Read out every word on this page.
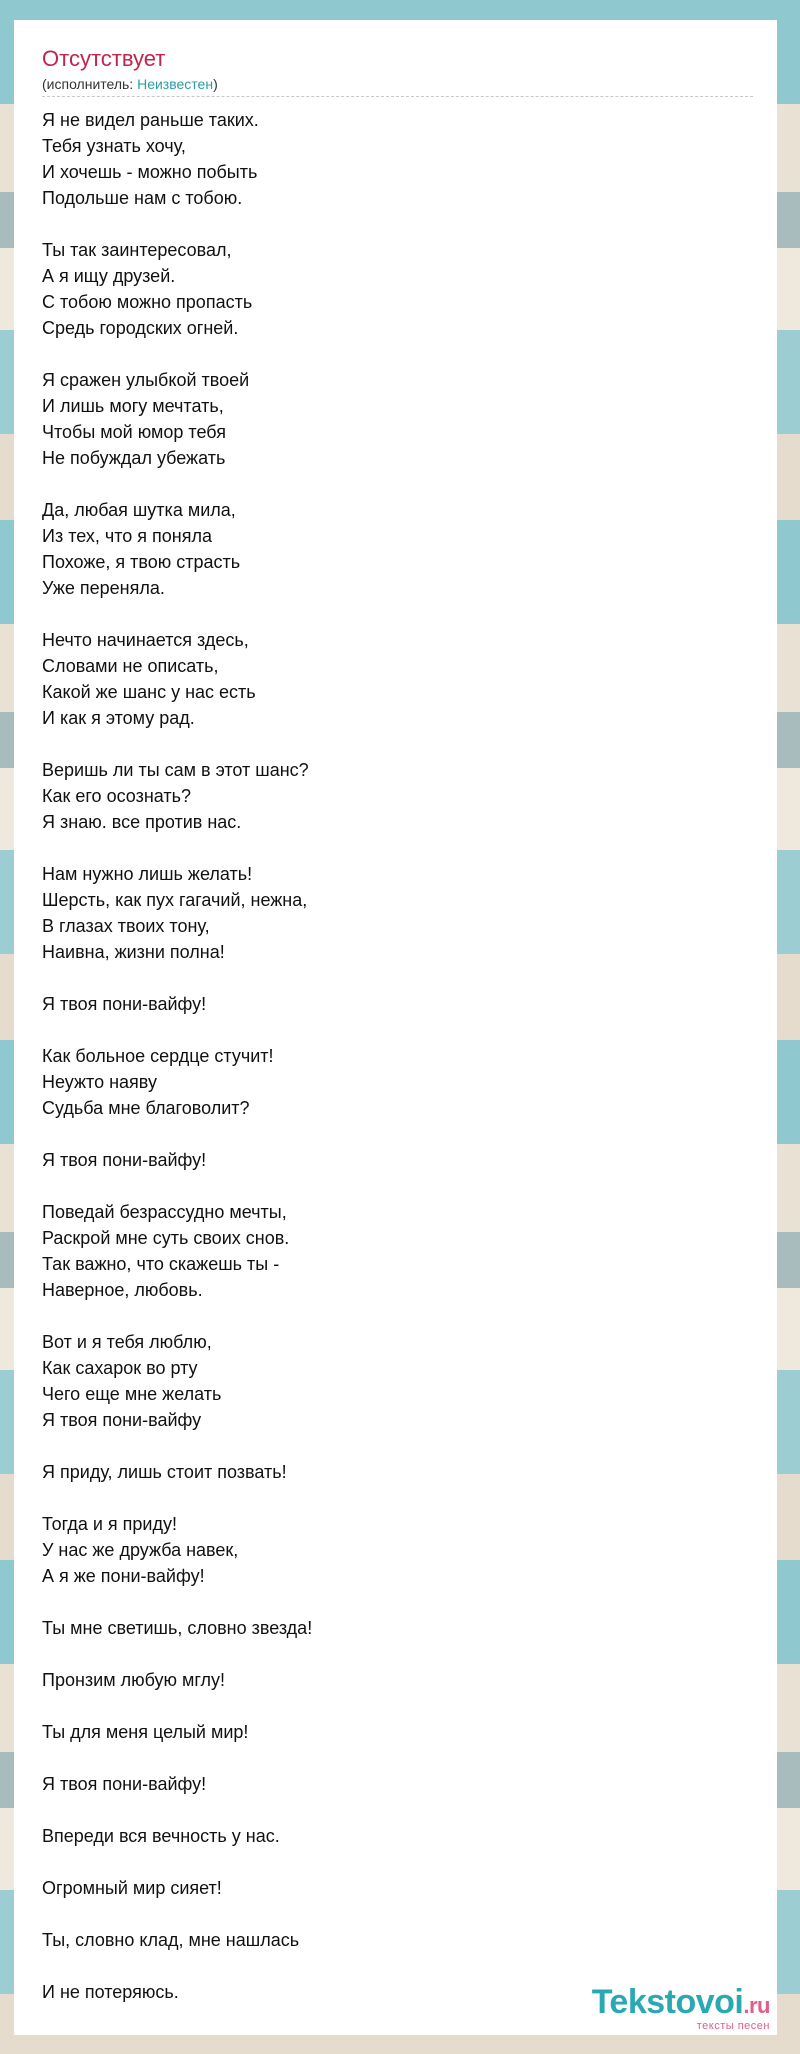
Отсутствует
(исполнитель: Неизвестен)
Я не видел раньше таких.
Тебя узнать хочу,
И хочешь - можно побыть
Подольше нам с тобою.
Ты так заинтересовал,
А я ищу друзей.
С тобою можно пропасть
Средь городских огней.
Я сражен улыбкой твоей
И лишь могу мечтать,
Чтобы мой юмор тебя
Не побуждал убежать
Да, любая шутка мила,
Из тех, что я поняла
Похоже, я твою страсть
Уже переняла.
Нечто начинается здесь,
Словами не описать,
Какой же шанс у нас есть
И как я этому рад.
Веришь ли ты сам в этот шанс?
Как его осознать?
Я знаю. все против нас.
Нам нужно лишь желать!
Шерсть, как пух гагачий, нежна,
В глазах твоих тону,
Наивна, жизни полна!
Я твоя пони-вайфу!
Как больное сердце стучит!
Неужто наяву
Судьба мне благоволит?
Я твоя пони-вайфу!
Поведай безрассудно мечты,
Раскрой мне суть своих снов.
Так важно, что скажешь ты -
Наверное, любовь.
Вот и я тебя люблю,
Как сахарок во рту
Чего еще мне желать
Я твоя пони-вайфу
Я приду, лишь стоит позвать!
Тогда и я приду!
У нас же дружба навек,
А я же пони-вайфу!
Ты мне светишь, словно звезда!
Пронзим любую мглу!
Ты для меня целый мир!
Я твоя пони-вайфу!
Впереди вся вечность у нас.
Огромный мир сияет!
Ты, словно клад, мне нашлась
И не потеряюсь.	Tekstovoi.ru
тексты песен
